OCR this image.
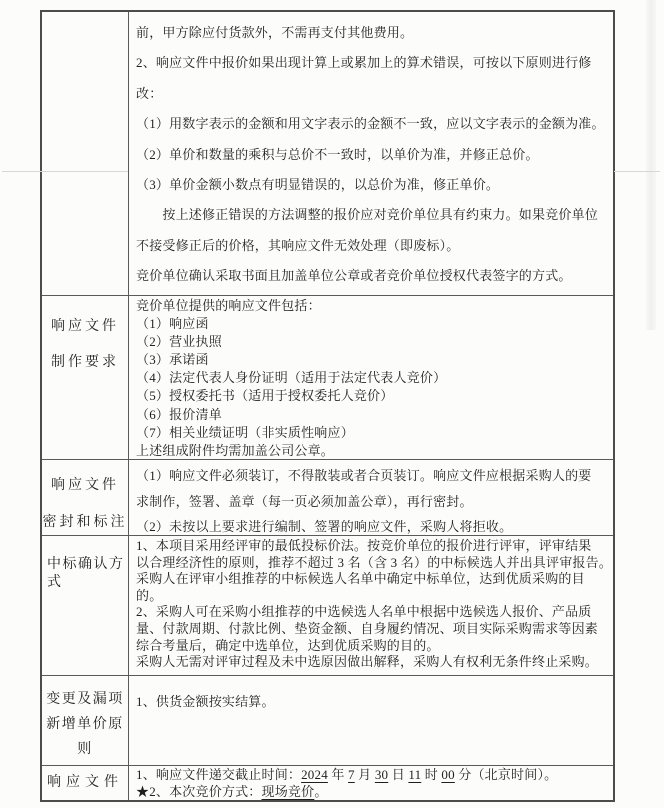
前，甲方除应付货款外，不需再支付其他费用。
2、响应文件中报价如果出现计算上或累加上的算术错误，可按以下原则进行修
改：
（1）用数字表示的金额和用文字表示的金额不一致，应以文字表示的金额为准。
（2）单价和数量的乘积与总价不一致时，以单价为准，并修正总价。
（3）单价金额小数点有明显错误的，以总价为准，修正单价。
　　按上述修正错误的方法调整的报价应对竞价单位具有约束力。如果竞价单位
不接受修正后的价格，其响应文件无效处理（即废标）。
竞价单位确认采取书面且加盖单位公章或者竞价单位授权代表签字的方式。
响应文件
制作要求
竞价单位提供的响应文件包括：
（1）响应函
（2）营业执照
（3）承诺函
（4）法定代表人身份证明（适用于法定代表人竞价）
（5）授权委托书（适用于授权委托人竞价）
（6）报价清单
（7）相关业绩证明（非实质性响应）
上述组成附件均需加盖公司公章。
响应文件
密封和标注
（1）响应文件必须装订，不得散装或者合页装订。响应文件应根据采购人的要
求制作，签署、盖章（每一页必须加盖公章），再行密封。
（2）未按以上要求进行编制、签署的响应文件，采购人将拒收。
中标确认方
式
1、本项目采用经评审的最低投标价法。按竞价单位的报价进行评审，评审结果
以合理经济性的原则，推荐不超过 3 名（含 3 名）的中标候选人并出具评审报告。
采购人在评审小组推荐的中标候选人名单中确定中标单位，达到优质采购的目
的。
2、采购人可在采购小组推荐的中选候选人名单中根据中选候选人报价、产品质
量、付款周期、付款比例、垫资金额、自身履约情况、项目实际采购需求等因素
综合考量后，确定中选单位，达到优质采购的目的。
采购人无需对评审过程及未中选原因做出解释，采购人有权利无条件终止采购。
变更及漏项
新增单价原
则
1、供货金额按实结算。
响应文件
1、响应文件递交截止时间：2024 年 7 月 30 日 11 时 00 分（北京时间）。
★2、本次竞价方式：现场竞价。
